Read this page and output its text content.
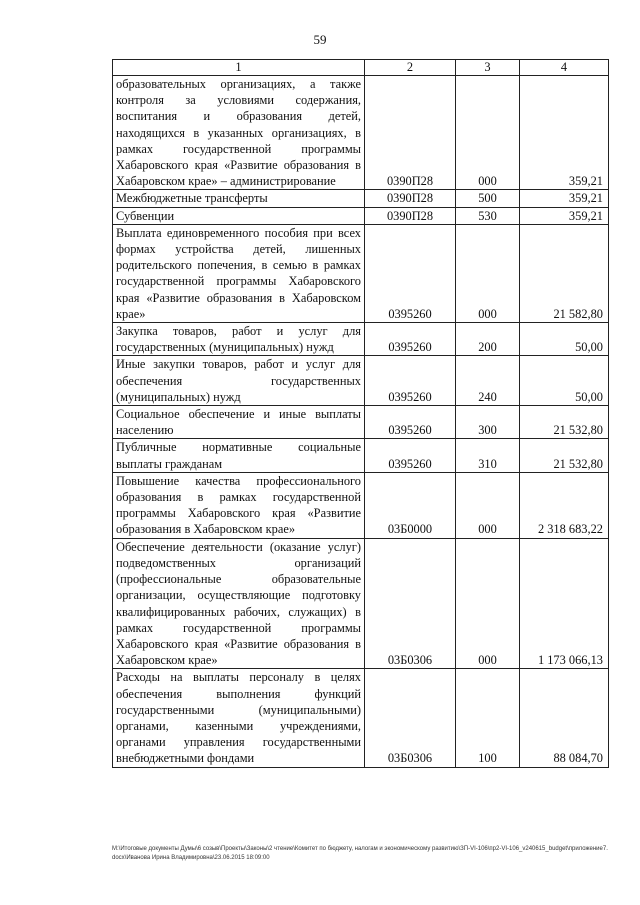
59
1	2	3	4
образовательных организациях, а также контроля за условиями содержания, воспитания и образования детей, находящихся в указанных организациях, в рамках государственной программы Хабаровского края «Развитие образования в Хабаровском крае» – администрирование	0390П28	000	359,21
Межбюджетные трансферты	0390П28	500	359,21
Субвенции	0390П28	530	359,21
Выплата единовременного пособия при всех формах устройства детей, лишенных родительского попечения, в семью в рамках государственной программы Хабаровского края «Развитие образования в Хабаровском крае»	0395260	000	21 582,80
Закупка товаров, работ и услуг для государственных (муниципальных) нужд	0395260	200	50,00
Иные закупки товаров, работ и услуг для обеспечения государственных (муниципальных) нужд	0395260	240	50,00
Социальное обеспечение и иные выплаты населению	0395260	300	21 532,80
Публичные нормативные социальные выплаты гражданам	0395260	310	21 532,80
Повышение качества профессионального образования в рамках государственной программы Хабаровского края «Развитие образования в Хабаровском крае»	03Б0000	000	2 318 683,22
Обеспечение деятельности (оказание услуг) подведомственных организаций (профессиональные образовательные организации, осуществляющие подготовку квалифицированных рабочих, служащих) в рамках государственной программы Хабаровского края «Развитие образования в Хабаровском крае»	03Б0306	000	1 173 066,13
Расходы на выплаты персоналу в целях обеспечения выполнения функций государственными (муниципальными) органами, казенными учреждениями, органами управления государственными внебюджетными фондами	03Б0306	100	88 084,70
M:\Итоговые документы Думы\6 созыв\Проекты\Законы\2 чтение\Комитет по бюджету, налогам и экономическому развитию\ЗП-VI-106\пр2-VI-106_v240615_budget\приложение7.docx\Иванова Ирина Владимировна\23.06.2015 18:09:00
